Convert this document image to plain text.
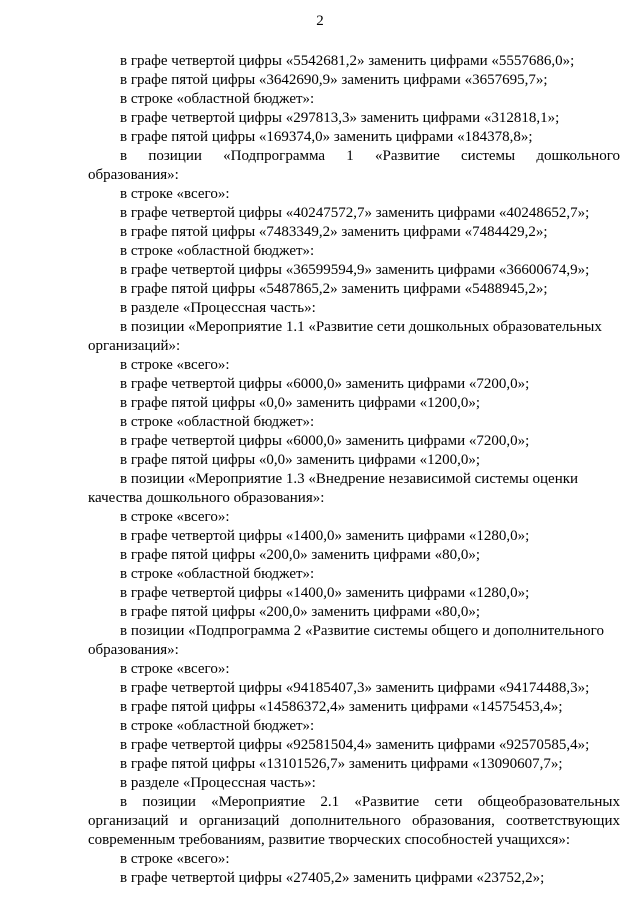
2
в графе четвертой цифры «5542681,2» заменить цифрами «5557686,0»;
в графе пятой цифры «3642690,9» заменить цифрами «3657695,7»;
в строке «областной бюджет»:
в графе четвертой цифры «297813,3» заменить цифрами «312818,1»;
в графе пятой цифры «169374,0» заменить цифрами «184378,8»;
в позиции «Подпрограмма 1 «Развитие системы дошкольного
образования»:
в строке «всего»:
в графе четвертой цифры «40247572,7» заменить цифрами «40248652,7»;
в графе пятой цифры «7483349,2» заменить цифрами «7484429,2»;
в строке «областной бюджет»:
в графе четвертой цифры «36599594,9» заменить цифрами «36600674,9»;
в графе пятой цифры «5487865,2» заменить цифрами «5488945,2»;
в разделе «Процессная часть»:
в позиции «Мероприятие 1.1 «Развитие сети дошкольных образовательных
организаций»:
в строке «всего»:
в графе четвертой цифры «6000,0» заменить цифрами «7200,0»;
в графе пятой цифры «0,0» заменить цифрами «1200,0»;
в строке «областной бюджет»:
в графе четвертой цифры «6000,0» заменить цифрами «7200,0»;
в графе пятой цифры «0,0» заменить цифрами «1200,0»;
в позиции «Мероприятие 1.3 «Внедрение независимой системы оценки
качества дошкольного образования»:
в строке «всего»:
в графе четвертой цифры «1400,0» заменить цифрами «1280,0»;
в графе пятой цифры «200,0» заменить цифрами «80,0»;
в строке «областной бюджет»:
в графе четвертой цифры «1400,0» заменить цифрами «1280,0»;
в графе пятой цифры «200,0» заменить цифрами «80,0»;
в позиции «Подпрограмма 2 «Развитие системы общего и дополнительного
образования»:
в строке «всего»:
в графе четвертой цифры «94185407,3» заменить цифрами «94174488,3»;
в графе пятой цифры «14586372,4» заменить цифрами «14575453,4»;
в строке «областной бюджет»:
в графе четвертой цифры «92581504,4» заменить цифрами «92570585,4»;
в графе пятой цифры «13101526,7» заменить цифрами «13090607,7»;
в разделе «Процессная часть»:
в позиции «Мероприятие 2.1 «Развитие сети общеобразовательных
организаций и организаций дополнительного образования, соответствующих
современным требованиям, развитие творческих способностей учащихся»:
в строке «всего»:
в графе четвертой цифры «27405,2» заменить цифрами «23752,2»;
